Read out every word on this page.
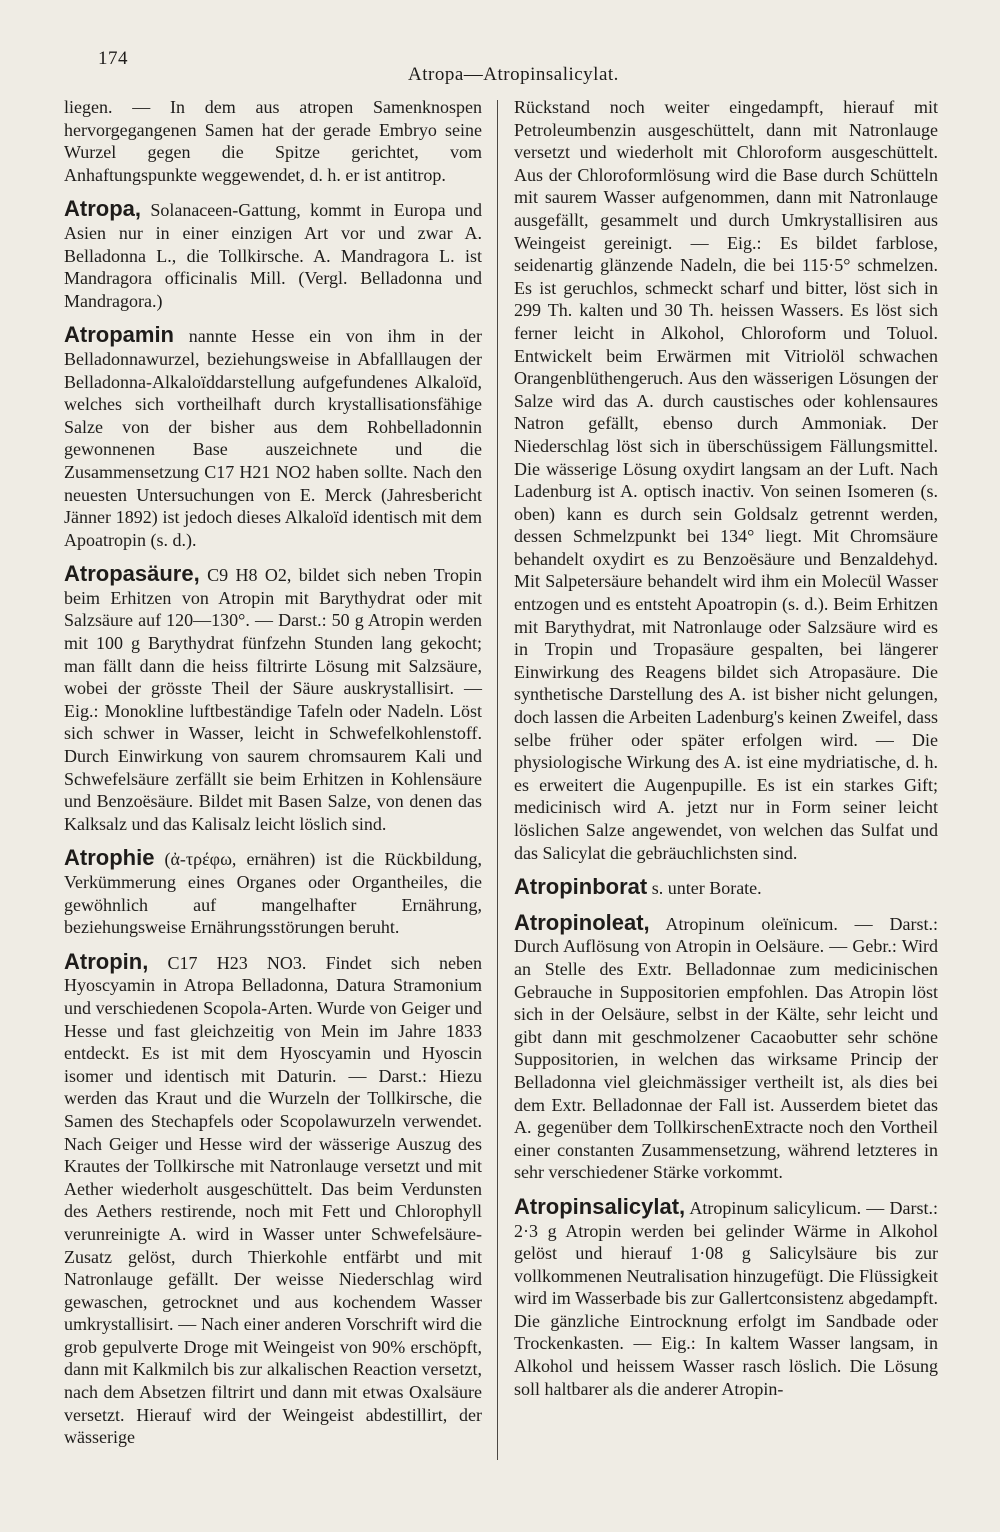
174
Atropa—Atropinsalicylat.

liegen. — In dem aus atropen Samenknospen hervorgegangenen Samen hat der gerade Embryo seine Wurzel gegen die Spitze gerichtet, vom Anhaftungspunkte weggewendet, d. h. er ist antitrop.

Atropa, Solanaceen-Gattung, kommt in Europa und Asien nur in einer einzigen Art vor und zwar A. Belladonna L., die Tollkirsche. A. Mandragora L. ist Mandragora officinalis Mill. (Vergl. Belladonna und Mandragora.)

Atropamin nannte Hesse ein von ihm in der Belladonnawurzel, beziehungsweise in Abfalllaugen der Belladonna-Alkaloïddarstellung aufgefundenes Alkaloïd, welches sich vortheilhaft durch krystallisationsfähige Salze von der bisher aus dem Rohbelladonnin gewonnenen Base auszeichnete und die Zusammensetzung C17 H21 NO2 haben sollte. Nach den neuesten Untersuchungen von E. Merck (Jahresbericht Jänner 1892) ist jedoch dieses Alkaloïd identisch mit dem Apoatropin (s. d.).

Atropasäure, C9 H8 O2, bildet sich neben Tropin beim Erhitzen von Atropin mit Barythydrat oder mit Salzsäure auf 120—130°. — Darst.: 50 g Atropin werden mit 100 g Barythydrat fünfzehn Stunden lang gekocht; man fällt dann die heiss filtrirte Lösung mit Salzsäure, wobei der grösste Theil der Säure auskrystallisirt. — Eig.: Monokline luftbeständige Tafeln oder Nadeln. Löst sich schwer in Wasser, leicht in Schwefelkohlenstoff. Durch Einwirkung von saurem chromsaurem Kali und Schwefelsäure zerfällt sie beim Erhitzen in Kohlensäure und Benzoësäure. Bildet mit Basen Salze, von denen das Kalksalz und das Kalisalz leicht löslich sind.

Atrophie (ἀ-τρέφω, ernähren) ist die Rückbildung, Verkümmerung eines Organes oder Organtheiles, die gewöhnlich auf mangelhafter Ernährung, beziehungsweise Ernährungsstörungen beruht.

Atropin, C17 H23 NO3. Findet sich neben Hyoscyamin in Atropa Belladonna, Datura Stramonium und verschiedenen Scopola-Arten. Wurde von Geiger und Hesse und fast gleichzeitig von Mein im Jahre 1833 entdeckt. Es ist mit dem Hyoscyamin und Hyoscin isomer und identisch mit Daturin. — Darst.: Hiezu werden das Kraut und die Wurzeln der Tollkirsche, die Samen des Stechapfels oder Scopolawurzeln verwendet. Nach Geiger und Hesse wird der wässerige Auszug des Krautes der Tollkirsche mit Natronlauge versetzt und mit Aether wiederholt ausgeschüttelt. Das beim Verdunsten des Aethers restirende, noch mit Fett und Chlorophyll verunreinigte A. wird in Wasser unter Schwefelsäure-Zusatz gelöst, durch Thierkohle entfärbt und mit Natronlauge gefällt. Der weisse Niederschlag wird gewaschen, getrocknet und aus kochendem Wasser umkrystallisirt. — Nach einer anderen Vorschrift wird die grob gepulverte Droge mit Weingeist von 90% erschöpft, dann mit Kalkmilch bis zur alkalischen Reaction versetzt, nach dem Absetzen filtrirt und dann mit etwas Oxalsäure versetzt. Hierauf wird der Weingeist abdestillirt, der wässerige

Rückstand noch weiter eingedampft, hierauf mit Petroleumbenzin ausgeschüttelt, dann mit Natronlauge versetzt und wiederholt mit Chloroform ausgeschüttelt. Aus der Chloroformlösung wird die Base durch Schütteln mit saurem Wasser aufgenommen, dann mit Natronlauge ausgefällt, gesammelt und durch Umkrystallisiren aus Weingeist gereinigt. — Eig.: Es bildet farblose, seidenartig glänzende Nadeln, die bei 115·5° schmelzen. Es ist geruchlos, schmeckt scharf und bitter, löst sich in 299 Th. kalten und 30 Th. heissen Wassers. Es löst sich ferner leicht in Alkohol, Chloroform und Toluol. Entwickelt beim Erwärmen mit Vitriolöl schwachen Orangenblüthengeruch. Aus den wässerigen Lösungen der Salze wird das A. durch caustisches oder kohlensaures Natron gefällt, ebenso durch Ammoniak. Der Niederschlag löst sich in überschüssigem Fällungsmittel. Die wässerige Lösung oxydirt langsam an der Luft. Nach Ladenburg ist A. optisch inactiv. Von seinen Isomeren (s. oben) kann es durch sein Goldsalz getrennt werden, dessen Schmelzpunkt bei 134° liegt. Mit Chromsäure behandelt oxydirt es zu Benzoësäure und Benzaldehyd. Mit Salpetersäure behandelt wird ihm ein Molecül Wasser entzogen und es entsteht Apoatropin (s. d.). Beim Erhitzen mit Barythydrat, mit Natronlauge oder Salzsäure wird es in Tropin und Tropasäure gespalten, bei längerer Einwirkung des Reagens bildet sich Atropasäure. Die synthetische Darstellung des A. ist bisher nicht gelungen, doch lassen die Arbeiten Ladenburg's keinen Zweifel, dass selbe früher oder später erfolgen wird. — Die physiologische Wirkung des A. ist eine mydriatische, d. h. es erweitert die Augenpupille. Es ist ein starkes Gift; medicinisch wird A. jetzt nur in Form seiner leicht löslichen Salze angewendet, von welchen das Sulfat und das Salicylat die gebräuchlichsten sind.

Atropinborat s. unter Borate.

Atropinoleat, Atropinum oleïnicum. — Darst.: Durch Auflösung von Atropin in Oelsäure. — Gebr.: Wird an Stelle des Extr. Belladonnae zum medicinischen Gebrauche in Suppositorien empfohlen. Das Atropin löst sich in der Oelsäure, selbst in der Kälte, sehr leicht und gibt dann mit geschmolzener Cacaobutter sehr schöne Suppositorien, in welchen das wirksame Princip der Belladonna viel gleichmässiger vertheilt ist, als dies bei dem Extr. Belladonnae der Fall ist. Ausserdem bietet das A. gegenüber dem TollkirschenExtracte noch den Vortheil einer constanten Zusammensetzung, während letzteres in sehr verschiedener Stärke vorkommt.

Atropinsalicylat, Atropinum salicylicum. — Darst.: 2·3 g Atropin werden bei gelinder Wärme in Alkohol gelöst und hierauf 1·08 g Salicylsäure bis zur vollkommenen Neutralisation hinzugefügt. Die Flüssigkeit wird im Wasserbade bis zur Gallertconsistenz abgedampft. Die gänzliche Eintrocknung erfolgt im Sandbade oder Trockenkasten. — Eig.: In kaltem Wasser langsam, in Alkohol und heissem Wasser rasch löslich. Die Lösung soll haltbarer als die anderer Atropin-
